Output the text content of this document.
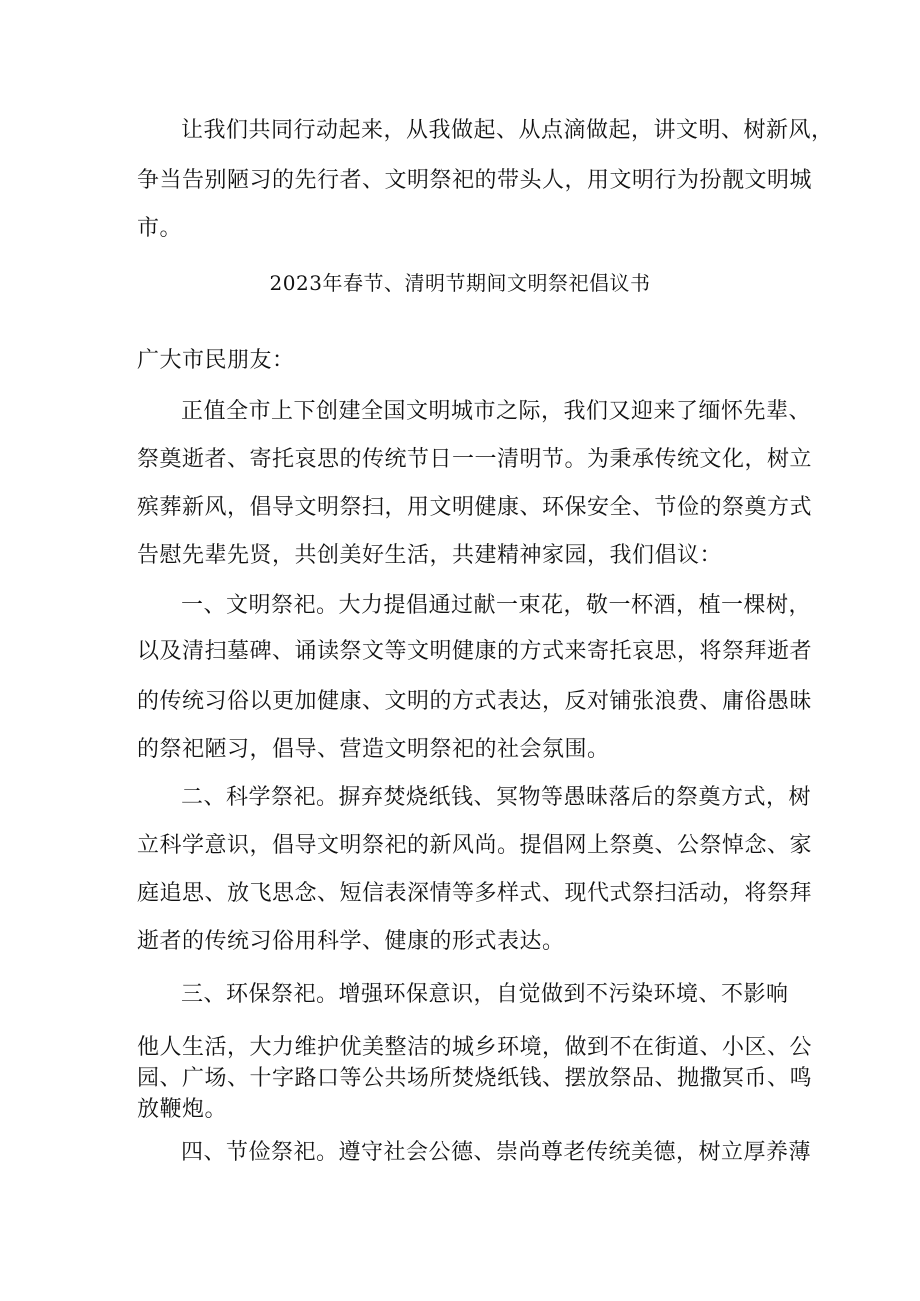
让我们共同行动起来，从我做起、从点滴做起，讲文明、树新风，
争当告别陋习的先行者、文明祭祀的带头人，用文明行为扮靓文明城
市。
2023年春节、清明节期间文明祭祀倡议书
广大市民朋友：
正值全市上下创建全国文明城市之际，我们又迎来了缅怀先辈、
祭奠逝者、寄托哀思的传统节日一一清明节。为秉承传统文化，树立
殡葬新风，倡导文明祭扫，用文明健康、环保安全、节俭的祭奠方式
告慰先辈先贤，共创美好生活，共建精神家园，我们倡议：
一、文明祭祀。大力提倡通过献一束花，敬一杯酒，植一棵树，
以及清扫墓碑、诵读祭文等文明健康的方式来寄托哀思，将祭拜逝者
的传统习俗以更加健康、文明的方式表达，反对铺张浪费、庸俗愚昧
的祭祀陋习，倡导、营造文明祭祀的社会氛围。
二、科学祭祀。摒弃焚烧纸钱、冥物等愚昧落后的祭奠方式，树
立科学意识，倡导文明祭祀的新风尚。提倡网上祭奠、公祭悼念、家
庭追思、放飞思念、短信表深情等多样式、现代式祭扫活动，将祭拜
逝者的传统习俗用科学、健康的形式表达。
三、环保祭祀。增强环保意识，自觉做到不污染环境、不影响
他人生活，大力维护优美整洁的城乡环境，做到不在街道、小区、公
园、广场、十字路口等公共场所焚烧纸钱、摆放祭品、抛撒冥币、鸣
放鞭炮。
四、节俭祭祀。遵守社会公德、崇尚尊老传统美德，树立厚养薄
